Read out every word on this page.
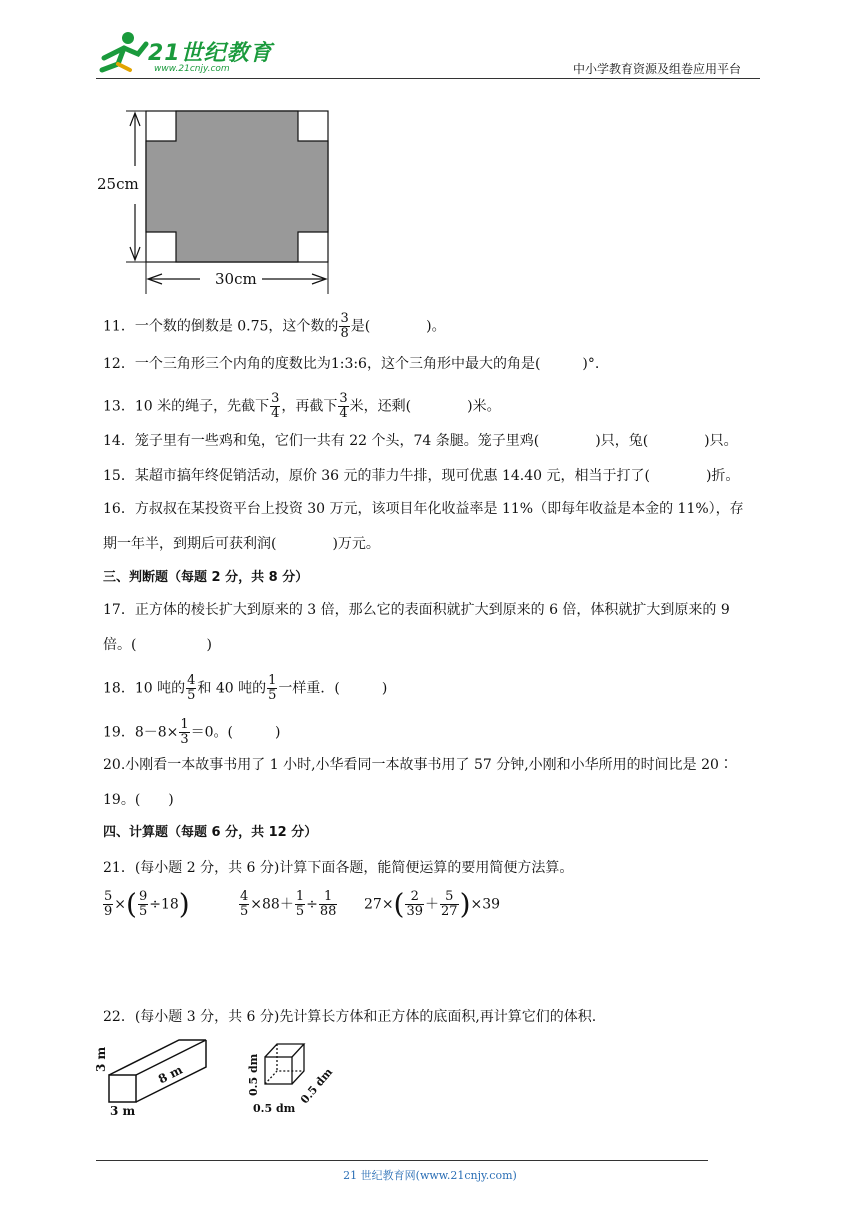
21世纪教育
www.21cnjy.com	中小学教育资源及组卷应用平台
25cm
30cm
11．一个数的倒数是 0.75，这个数的 $\frac{3}{8}$ 是(　　　　)。
12．一个三角形三个内角的度数比为1:3:6，这个三角形中最大的角是(　　　)°.
13．10 米的绳子，先截下 $\frac{3}{4}$ ，再截下 $\frac{3}{4}$ 米，还剩(　　　　)米。
14．笼子里有一些鸡和兔，它们一共有 22 个头，74 条腿。笼子里鸡(　　　　)只，兔(　　　　)只。
15．某超市搞年终促销活动，原价 36 元的菲力牛排，现可优惠 14.40 元，相当于打了(　　　　)折。
16．方叔叔在某投资平台上投资 30 万元，该项目年化收益率是 11%（即每年收益是本金的 11%），存
期一年半，到期后可获利润(　　　　)万元。
三、判断题（每题 2 分，共 8 分）
17．正方体的棱长扩大到原来的 3 倍，那么它的表面积就扩大到原来的 6 倍，体积就扩大到原来的 9
倍。(　　　　　)
18．10 吨的 $\frac{4}{5}$ 和 40 吨的 $\frac{1}{5}$ 一样重．(　　　)
19．$8-8\times \frac{1}{3} =0$。(　　　)
20.小刚看一本故事书用了 1 小时,小华看同一本故事书用了 57 分钟,小刚和小华所用的时间比是 20∶
19。(　　)
四、计算题（每题 6 分，共 12 分）
21．(每小题 2 分，共 6 分)计算下面各题，能简便运算的要用简便方法算。
$\frac{5}{9}$ ×( $\frac{9}{5} \div 18$)	$\frac{4}{5} \times 88+ \frac{1}{5} \div \frac{1}{88} 27\times( \frac{2}{39} + \frac{5}{27} )\times 39$
22．(每小题 3 分，共 6 分)先计算长方体和正方体的底面积,再计算它们的体积.
3 m
3 m
8 m	0.5 dm
0.5 dm
0.5 dm
21 世纪教育网(www.21cnjy.com)
